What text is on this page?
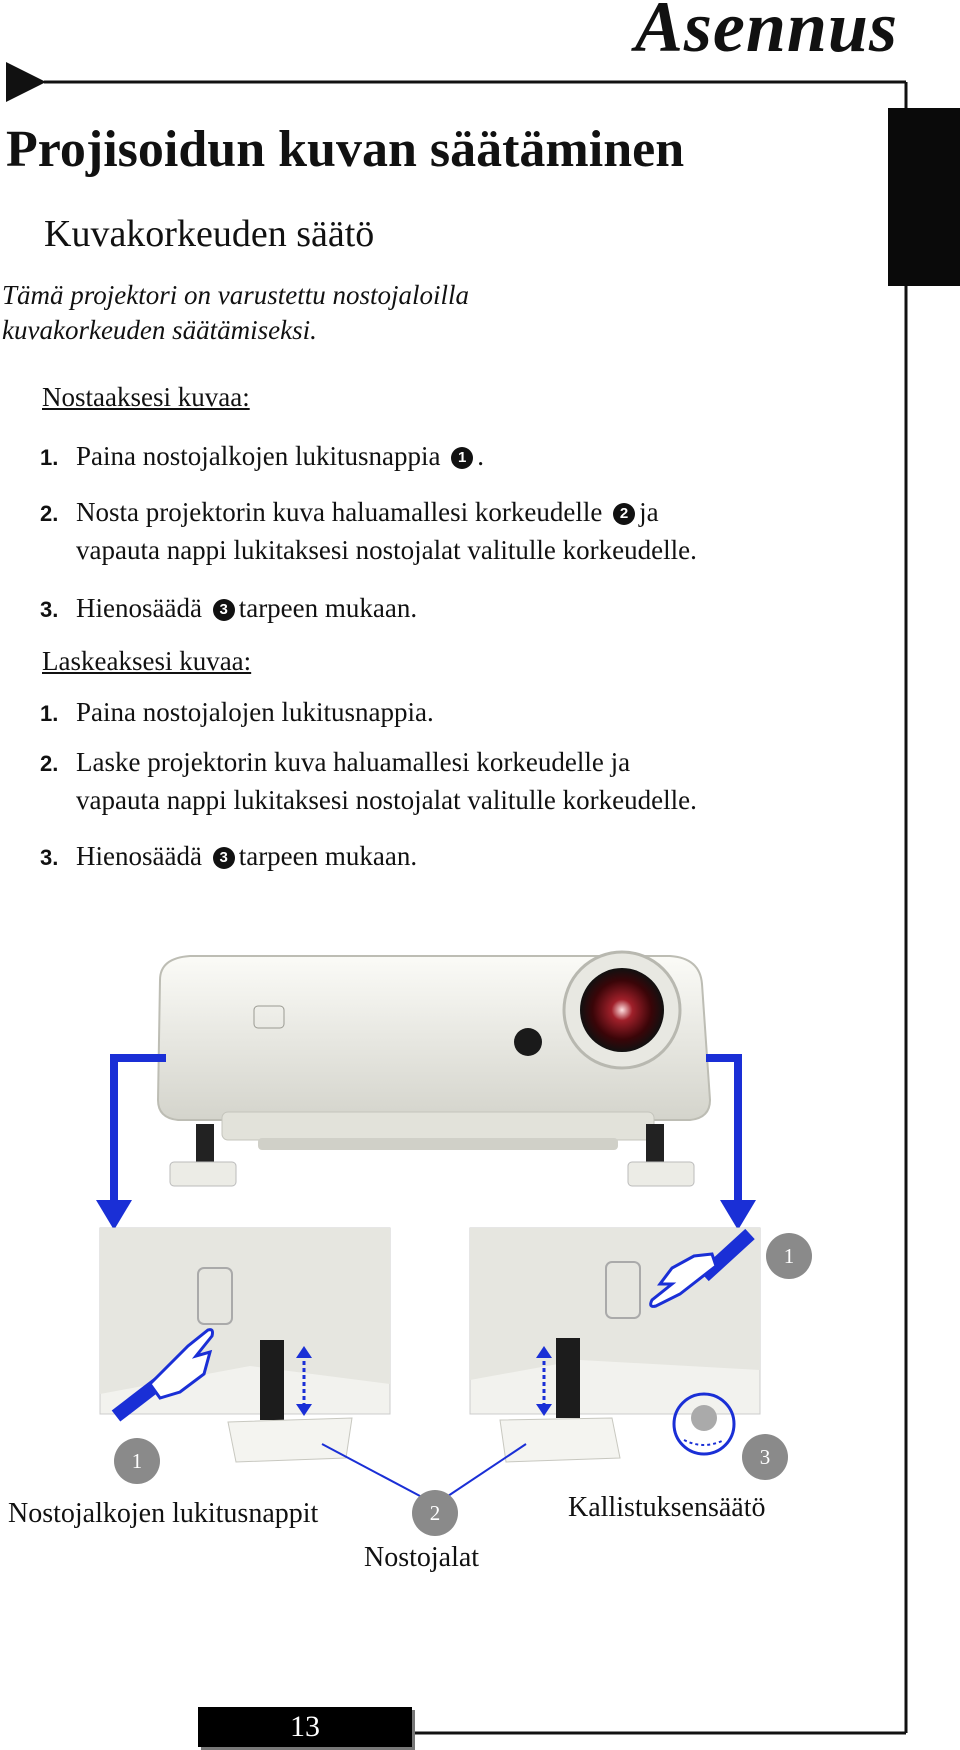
Asennus
Projisoidun kuvan säätäminen
Kuvakorkeuden säätö
Tämä projektori on varustettu nostojaloilla
kuvakorkeuden säätämiseksi.
Nostaaksesi kuvaa:
1. Paina nostojalkojen lukitusnappia 1 .
2. Nosta projektorin kuva haluamallesi korkeudelle 2 ja
vapauta nappi lukitaksesi nostojalat valitulle korkeudelle.
3. Hienosäädä 3 tarpeen mukaan.
Laskeaksesi kuvaa:
1. Paina nostojalojen lukitusnappia.
2. Laske projektorin kuva haluamallesi korkeudelle ja
vapauta nappi lukitaksesi nostojalat valitulle korkeudelle.
3. Hienosäädä 3 tarpeen mukaan.
1
1
2
3
Nostojalkojen lukitusnappit
Nostojalat
Kallistuksensäätö
13
